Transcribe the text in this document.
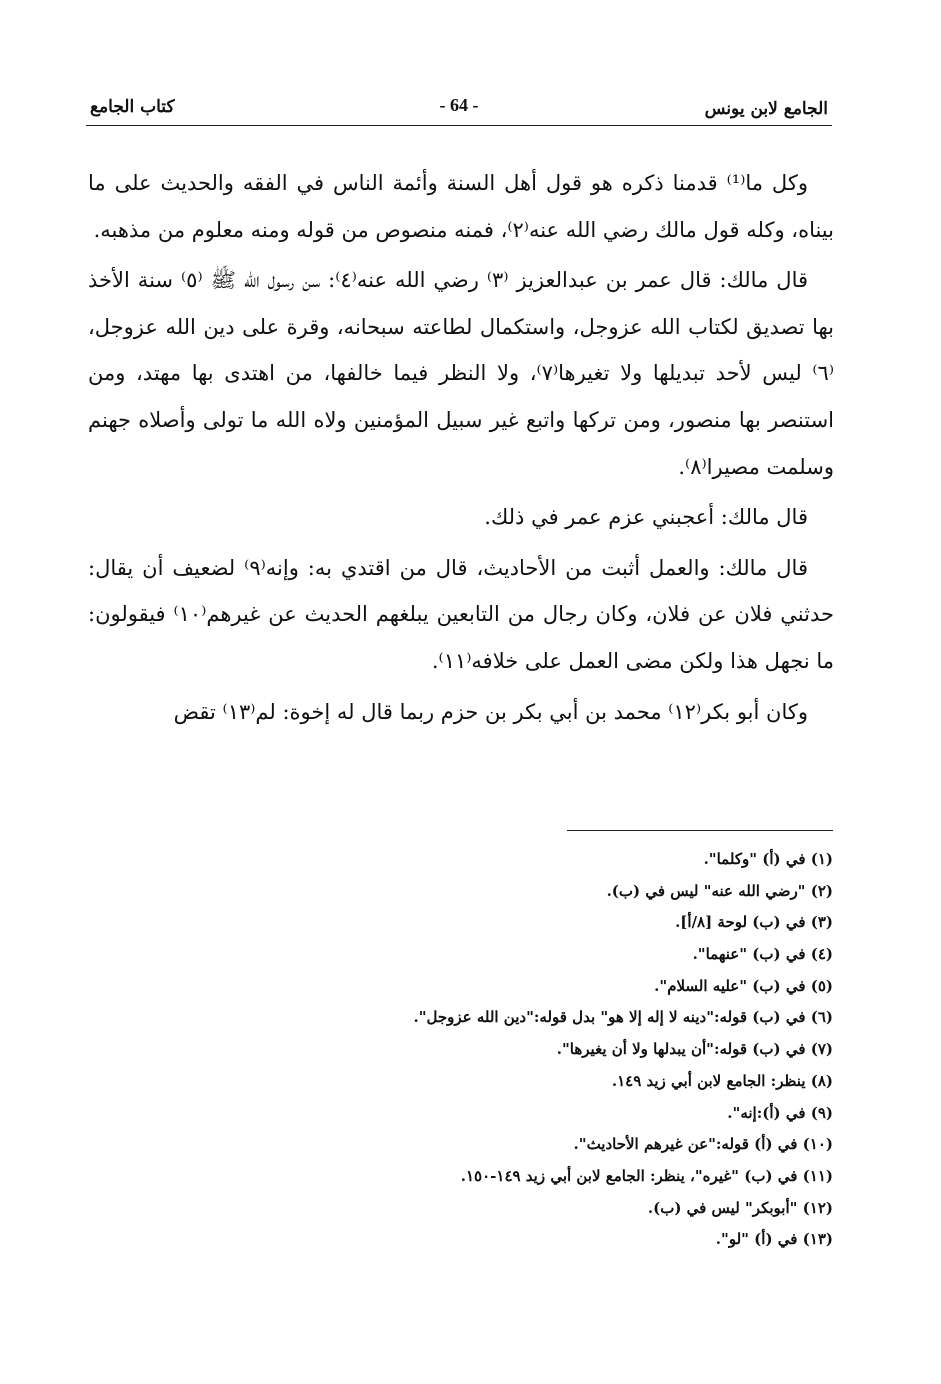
الجامع لابن يونس
- 64 -
كتاب الجامع

وكل ما⁽¹⁾ قدمنا ذكره هو قول أهل السنة وأئمة الناس في الفقه والحديث على ما بيناه، وكله قول مالك رضي الله عنه⁽٢⁾، فمنه منصوص من قوله ومنه معلوم من مذهبه.

قال مالك: قال عمر بن عبدالعزيز ⁽٣⁾ رضي الله عنه⁽٤⁾: سن رسول الله ﷺ ⁽٥⁾ سنة الأخذ بها تصديق لكتاب الله عزوجل، واستكمال لطاعته سبحانه، وقرة على دين الله عزوجل،⁽٦⁾ ليس لأحد تبديلها ولا تغيرها⁽٧⁾، ولا النظر فيما خالفها، من اهتدى بها مهتد، ومن استنصر بها منصور، ومن تركها واتبع غير سبيل المؤمنين ولاه الله ما تولى وأصلاه جهنم وسلمت مصيرا⁽٨⁾.

قال مالك: أعجبني عزم عمر في ذلك.

قال مالك: والعمل أثبت من الأحاديث، قال من اقتدي به: وإنه⁽٩⁾ لضعيف أن يقال: حدثني فلان عن فلان، وكان رجال من التابعين يبلغهم الحديث عن غيرهم⁽١٠⁾ فيقولون: ما نجهل هذا ولكن مضى العمل على خلافه⁽١١⁾.

وكان أبو بكر⁽١٢⁾ محمد بن أبي بكر بن حزم ربما قال له إخوة: لم⁽١٣⁾ تقض

(١) في (أ) "وكلما".
(٢) "رضي الله عنه" ليس في (ب).
(٣) في (ب) لوحة [٨/أ].
(٤) في (ب) "عنهما".
(٥) في (ب) "عليه السلام".
(٦) في (ب) قوله:"دينه لا إله إلا هو" بدل قوله:"دين الله عزوجل".
(٧) في (ب) قوله:"أن يبدلها ولا أن يغيرها".
(٨) ينظر: الجامع لابن أبي زيد ١٤٩.
(٩) في (أ):إنه".
(١٠) في (أ) قوله:"عن غيرهم الأحاديث".
(١١) في (ب) "غيره"، ينظر: الجامع لابن أبي زيد ١٤٩-١٥٠.
(١٢) "أبوبكر" ليس في (ب).
(١٣) في (أ) "لو".
